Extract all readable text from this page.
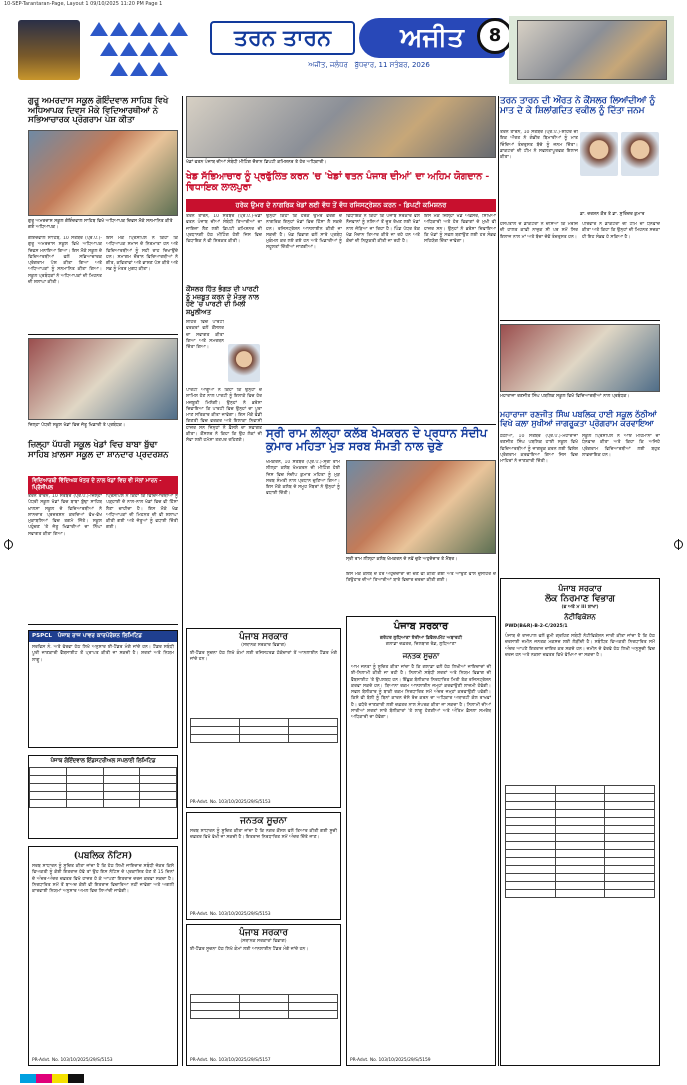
10-SEP-Tarantaran-Page, Layout 1 09/10/2025 11:20 PM Page 1
ਤਰਨ ਤਾਰਨ	ਅਜੀਤ	8
ਅਜੀਤ, ਜਲੰਧਰ ਬੁੱਧਵਾਰ, 11 ਸਤੰਬਰ, 2026
ਗੁਰੂ ਅਮਰਦਾਸ ਸਕੂਲ ਗੋਇੰਦਵਾਲ ਸਾਹਿਬ ਵਿਖੇ ਅਧਿਆਪਕ ਦਿਵਸ ਮੌਕੇ ਵਿਦਿਆਰਥੀਆਂ ਨੇ ਸਭਿਆਚਾਰਕ ਪ੍ਰੋਗਰਾਮ ਪੇਸ਼ ਕੀਤਾ
ਗੁਰੂ ਅਮਰਦਾਸ ਸਕੂਲ ਗੋਇੰਦਵਾਲ ਸਾਹਿਬ ਵਿਖੇ ਅਧਿਆਪਕ ਦਿਵਸ ਮੌਕੇ ਸਨਮਾਨਿਤ ਕੀਤੇ ਗਏ ਅਧਿਆਪਕ।
ਗੋਇੰਦਵਾਲ ਸਾਹਿਬ, 10 ਸਤੰਬਰ (ਪ੍ਰ.ਪ.)-ਗੁਰੂ ਅਮਰਦਾਸ ਸਕੂਲ ਵਿਖੇ ਅਧਿਆਪਕ ਦਿਵਸ ਮਨਾਇਆ ਗਿਆ। ਇਸ ਮੌਕੇ ਸਕੂਲ ਦੇ ਵਿਦਿਆਰਥੀਆਂ ਵਲੋਂ ਸਭਿਆਚਾਰਕ ਪ੍ਰੋਗਰਾਮ ਪੇਸ਼ ਕੀਤਾ ਗਿਆ ਅਤੇ ਅਧਿਆਪਕਾਂ ਨੂੰ ਸਨਮਾਨਿਤ ਕੀਤਾ ਗਿਆ। ਸਕੂਲ ਪ੍ਰਬੰਧਕਾਂ ਨੇ ਅਧਿਆਪਕਾਂ ਦੀ ਮਿਹਨਤ ਦੀ ਸ਼ਲਾਘਾ ਕੀਤੀ।
ਇਸ ਮੌਕੇ ਪ੍ਰਿੰਸੀਪਲ ਨੇ ਕਿਹਾ ਕਿ ਅਧਿਆਪਕ ਸਮਾਜ ਦੇ ਨਿਰਮਾਤਾ ਹਨ ਅਤੇ ਵਿਦਿਆਰਥੀਆਂ ਨੂੰ ਸਹੀ ਰਾਹ ਦਿਖਾਉਂਦੇ ਹਨ। ਸਮਾਗਮ ਦੌਰਾਨ ਵਿਦਿਆਰਥੀਆਂ ਨੇ ਗੀਤ, ਕਵਿਤਾਵਾਂ ਅਤੇ ਭਾਸ਼ਣ ਪੇਸ਼ ਕੀਤੇ ਅਤੇ ਸਭ ਨੂੰ ਮੰਤਰ ਮੁਗਧ ਕੀਤਾ।
ਜ਼ਿਲ੍ਹਾ ਪੱਧਰੀ ਸਕੂਲ ਖੇਡਾਂ ਵਿਚ ਜੇਤੂ ਖਿਡਾਰੀ ਤੇ ਪ੍ਰਬੰਧਕ।
ਜ਼ਿਲ੍ਹਾ ਪੱਧਰੀ ਸਕੂਲ ਖੇਡਾਂ ਵਿਚ ਬਾਬਾ ਬੁੱਢਾ ਸਾਹਿਬ ਖ਼ਾਲਸਾ ਸਕੂਲ ਦਾ ਸ਼ਾਨਦਾਰ ਪ੍ਰਦਰਸ਼ਨ
ਵਿਦਿਆਰਥੀ ਵਿੱਦਿਅਕ ਖੇਤਰ ਦੇ ਨਾਲ ਖੇਡਾਂ ਵਿਚ ਵੀ ਮੱਲਾਂ ਮਾਰਨ - ਪ੍ਰਿੰਸੀਪਲ
ਤਰਨ ਤਾਰਨ, 10 ਸਤੰਬਰ (ਪ੍ਰ.ਪ.)-ਜ਼ਿਲ੍ਹਾ ਪੱਧਰੀ ਸਕੂਲ ਖੇਡਾਂ ਵਿਚ ਬਾਬਾ ਬੁੱਢਾ ਸਾਹਿਬ ਖ਼ਾਲਸਾ ਸਕੂਲ ਦੇ ਵਿਦਿਆਰਥੀਆਂ ਨੇ ਸ਼ਾਨਦਾਰ ਪ੍ਰਦਰਸ਼ਨ ਕਰਦਿਆਂ ਵੱਖ-ਵੱਖ ਮੁਕਾਬਲਿਆਂ ਵਿਚ ਤਗਮੇ ਜਿੱਤੇ। ਸਕੂਲ ਪਹੁੰਚਣ 'ਤੇ ਜੇਤੂ ਖਿਡਾਰੀਆਂ ਦਾ ਨਿੱਘਾ ਸਵਾਗਤ ਕੀਤਾ ਗਿਆ।
ਪ੍ਰਿੰਸੀਪਲ ਨੇ ਕਿਹਾ ਕਿ ਵਿਦਿਆਰਥੀਆਂ ਨੂੰ ਪੜ੍ਹਾਈ ਦੇ ਨਾਲ-ਨਾਲ ਖੇਡਾਂ ਵਿਚ ਵੀ ਹਿੱਸਾ ਲੈਣਾ ਚਾਹੀਦਾ ਹੈ। ਇਸ ਮੌਕੇ ਖੇਡ ਅਧਿਆਪਕਾਂ ਦੀ ਮਿਹਨਤ ਦੀ ਵੀ ਸ਼ਲਾਘਾ ਕੀਤੀ ਗਈ ਅਤੇ ਜੇਤੂਆਂ ਨੂੰ ਵਧਾਈ ਦਿੱਤੀ ਗਈ।
PSPCL ਪੰਜਾਬ ਰਾਜ ਪਾਵਰ ਕਾਰਪੋਰੇਸ਼ਨ ਲਿਮਿਟਿਡ
ਸਰਵਿਸ ਨੰ. ਅਤੇ ਵੇਰਵਾ ਹੇਠ ਲਿਖੇ ਅਨੁਸਾਰ ਈ-ਟੈਂਡਰ ਮੰਗੇ ਜਾਂਦੇ ਹਨ। ਟੈਂਡਰ ਸਬੰਧੀ ਪੂਰੀ ਜਾਣਕਾਰੀ ਵੈੱਬਸਾਈਟ ਤੋਂ ਪ੍ਰਾਪਤ ਕੀਤੀ ਜਾ ਸਕਦੀ ਹੈ। ਸ਼ਰਤਾਂ ਅਤੇ ਨਿਯਮ ਲਾਗੂ।
ਪੰਜਾਬ ਗੋਇੰਦਵਾਲ ਇੰਡਸਟਰੀਅਲ ਸਪਲਾਈ ਲਿਮਿਟਿਡ

(ਪਬਲਿਕ ਨੋਟਿਸ)
ਸਰਬ ਸਾਧਾਰਨ ਨੂੰ ਸੂਚਿਤ ਕੀਤਾ ਜਾਂਦਾ ਹੈ ਕਿ ਹੇਠ ਲਿਖੀ ਜਾਇਦਾਦ ਸਬੰਧੀ ਜੇਕਰ ਕਿਸੇ ਵਿਅਕਤੀ ਨੂੰ ਕੋਈ ਇਤਰਾਜ਼ ਹੋਵੇ ਤਾਂ ਉਹ ਇਸ ਨੋਟਿਸ ਦੇ ਪ੍ਰਕਾਸ਼ਿਤ ਹੋਣ ਤੋਂ 15 ਦਿਨਾਂ ਦੇ ਅੰਦਰ-ਅੰਦਰ ਦਫ਼ਤਰ ਵਿਖੇ ਹਾਜ਼ਰ ਹੋ ਕੇ ਆਪਣਾ ਇਤਰਾਜ਼ ਦਰਜ ਕਰਵਾ ਸਕਦਾ ਹੈ। ਨਿਰਧਾਰਿਤ ਸਮੇਂ ਤੋਂ ਬਾਅਦ ਕੋਈ ਵੀ ਇਤਰਾਜ਼ ਵਿਚਾਰਿਆ ਨਹੀਂ ਜਾਵੇਗਾ ਅਤੇ ਅਗਲੀ ਕਾਰਵਾਈ ਨਿਯਮਾਂ ਅਨੁਸਾਰ ਅਮਲ ਵਿਚ ਲਿਆਂਦੀ ਜਾਵੇਗੀ।
PR-Advt. No. 103/10/2025/29/S/5153
ਖੇਡਾਂ ਵਤਨ ਪੰਜਾਬ ਦੀਆਂ ਸੰਬੰਧੀ ਮੀਟਿੰਗ ਦੌਰਾਨ ਡਿਪਟੀ ਕਮਿਸ਼ਨਰ ਤੇ ਹੋਰ ਅਧਿਕਾਰੀ।
ਖੇਡ ਸੱਭਿਆਚਾਰ ਨੂੰ ਪ੍ਰਫੁੱਲਿਤ ਕਰਨ 'ਚ 'ਖੇਡਾਂ ਵਤਨ ਪੰਜਾਬ ਦੀਆਂ' ਦਾ ਅਹਿਮ ਯੋਗਦਾਨ - ਵਿਧਾਇਕ ਲਾਲਪੁਰਾ
ਹਰੇਕ ਉਮਰ ਦੇ ਨਾਗਰਿਕ ਖੇਡਾਂ ਲਈ ਵੱਧ ਤੋਂ ਵੱਧ ਰਜਿਸਟ੍ਰੇਸ਼ਨ ਕਰਨ - ਡਿਪਟੀ ਕਮਿਸ਼ਨਰ
ਤਰਨ ਤਾਰਨ, 10 ਸਤੰਬਰ (ਪ੍ਰ.ਪ.)-ਖੇਡਾਂ ਵਤਨ ਪੰਜਾਬ ਦੀਆਂ ਸੰਬੰਧੀ ਤਿਆਰੀਆਂ ਦਾ ਜਾਇਜ਼ਾ ਲੈਣ ਲਈ ਡਿਪਟੀ ਕਮਿਸ਼ਨਰ ਦੀ ਪ੍ਰਧਾਨਗੀ ਹੇਠ ਮੀਟਿੰਗ ਹੋਈ ਜਿਸ ਵਿਚ ਵਿਧਾਇਕ ਨੇ ਵੀ ਸ਼ਿਰਕਤ ਕੀਤੀ।
ਕੌਂਸਲਰ ਹਿੱਤ ਭੰਗੜ ਦੀ ਪਾਰਟੀ ਨੂੰ ਮਜ਼ਬੂਤ ਕਰਨ ਦੇ ਮੰਤਵ ਨਾਲ ਹੋਏ 'ਚ ਪਾਰਟੀ ਦੀ ਮਿਲੀ ਸ਼ਮੂਲੀਅਤ
ਸ਼ਹਿਰ ਵਿਚ ਪਾਰਟੀ ਵਰਕਰਾਂ ਵਲੋਂ ਕੌਂਸਲਰ ਦਾ ਸਵਾਗਤ ਕੀਤਾ ਗਿਆ ਅਤੇ ਸਮਰਥਨ ਦਿੱਤਾ ਗਿਆ।
ਉਨ੍ਹਾਂ ਕਿਹਾ ਕਿ ਹਰੇਕ ਉਮਰ ਵਰਗ ਦੇ ਨਾਗਰਿਕ ਇਨ੍ਹਾਂ ਖੇਡਾਂ ਵਿਚ ਹਿੱਸਾ ਲੈ ਸਕਦੇ ਹਨ। ਰਜਿਸਟ੍ਰੇਸ਼ਨ ਆਨਲਾਈਨ ਕੀਤੀ ਜਾ ਸਕਦੀ ਹੈ। ਖੇਡ ਵਿਭਾਗ ਵਲੋਂ ਸਾਰੇ ਪ੍ਰਬੰਧ ਮੁਕੰਮਲ ਕਰ ਲਏ ਗਏ ਹਨ ਅਤੇ ਖਿਡਾਰੀਆਂ ਨੂੰ ਸਹੂਲਤਾਂ ਦਿੱਤੀਆਂ ਜਾਣਗੀਆਂ।
ਵਿਧਾਇਕ ਨੇ ਕਿਹਾ ਕਿ ਪੰਜਾਬ ਸਰਕਾਰ ਵਲੋਂ ਨੌਜਵਾਨਾਂ ਨੂੰ ਨਸ਼ਿਆਂ ਤੋਂ ਦੂਰ ਰੱਖਣ ਲਈ ਖੇਡਾਂ ਨਾਲ ਜੋੜਿਆ ਜਾ ਰਿਹਾ ਹੈ। ਪਿੰਡ ਪੱਧਰ ਤੱਕ ਖੇਡ ਮੈਦਾਨ ਤਿਆਰ ਕੀਤੇ ਜਾ ਰਹੇ ਹਨ ਅਤੇ ਕੋਚਾਂ ਦੀ ਨਿਯੁਕਤੀ ਕੀਤੀ ਜਾ ਰਹੀ ਹੈ।
ਇਸ ਮੌਕੇ ਜ਼ਿਲ੍ਹਾ ਖੇਡ ਅਫ਼ਸਰ, ਸਿੱਖਿਆ ਅਧਿਕਾਰੀ ਅਤੇ ਹੋਰ ਵਿਭਾਗਾਂ ਦੇ ਮੁਖੀ ਵੀ ਹਾਜ਼ਰ ਸਨ। ਉਨ੍ਹਾਂ ਨੇ ਭਰੋਸਾ ਦਿਵਾਇਆ ਕਿ ਖੇਡਾਂ ਨੂੰ ਸਫਲ ਬਣਾਉਣ ਲਈ ਹਰ ਸੰਭਵ ਸਹਿਯੋਗ ਦਿੱਤਾ ਜਾਵੇਗਾ।
ਸ੍ਰੀ ਰਾਮ ਲੀਲ੍ਹਾ ਕਲੱਬ ਖੇਮਕਰਨ ਦੇ ਪ੍ਰਧਾਨ ਸੰਦੀਪ ਕੁਮਾਰ ਮਹਿਤਾ ਮੁੜ ਸਰਬ ਸੰਮਤੀ ਨਾਲ ਚੁਣੇ
ਖੇਮਕਰਨ, 10 ਸਤੰਬਰ (ਪ੍ਰ.ਪ.)-ਸ੍ਰੀ ਰਾਮ ਲੀਲ੍ਹਾ ਕਲੱਬ ਖੇਮਕਰਨ ਦੀ ਮੀਟਿੰਗ ਹੋਈ ਜਿਸ ਵਿਚ ਸੰਦੀਪ ਕੁਮਾਰ ਮਹਿਤਾ ਨੂੰ ਮੁੜ ਸਰਬ ਸੰਮਤੀ ਨਾਲ ਪ੍ਰਧਾਨ ਚੁਣਿਆ ਗਿਆ। ਇਸ ਮੌਕੇ ਕਲੱਬ ਦੇ ਸਮੂਹ ਮੈਂਬਰਾਂ ਨੇ ਉਨ੍ਹਾਂ ਨੂੰ ਵਧਾਈ ਦਿੱਤੀ।
ਪਾਰਟੀ ਆਗੂਆਂ ਨੇ ਕਿਹਾ ਕਿ ਉਨ੍ਹਾਂ ਦੇ ਸ਼ਾਮਿਲ ਹੋਣ ਨਾਲ ਪਾਰਟੀ ਨੂੰ ਇਲਾਕੇ ਵਿਚ ਹੋਰ ਮਜ਼ਬੂਤੀ ਮਿਲੇਗੀ। ਉਨ੍ਹਾਂ ਨੇ ਭਰੋਸਾ ਦਿਵਾਇਆ ਕਿ ਪਾਰਟੀ ਵਿਚ ਉਨ੍ਹਾਂ ਦਾ ਪੂਰਾ ਮਾਣ ਸਤਿਕਾਰ ਕੀਤਾ ਜਾਵੇਗਾ। ਇਸ ਮੌਕੇ ਵੱਡੀ ਗਿਣਤੀ ਵਿਚ ਵਰਕਰ ਅਤੇ ਇਲਾਕਾ ਨਿਵਾਸੀ ਹਾਜ਼ਰ ਸਨ ਜਿਨ੍ਹਾਂ ਨੇ ਫ਼ੈਸਲੇ ਦਾ ਸਵਾਗਤ ਕੀਤਾ। ਕੌਂਸਲਰ ਨੇ ਕਿਹਾ ਕਿ ਉਹ ਲੋਕਾਂ ਦੀ ਸੇਵਾ ਲਈ ਹਮੇਸ਼ਾ ਤਤਪਰ ਰਹਿਣਗੇ।
ਸ੍ਰੀ ਰਾਮ ਲੀਲ੍ਹਾ ਕਲੱਬ ਖੇਮਕਰਨ ਦੇ ਨਵੇਂ ਚੁਣੇ ਅਹੁਦੇਦਾਰ ਤੇ ਮੈਂਬਰ।
ਇਸ ਮੌਕੇ ਕਲੱਬ ਦੇ ਹੋਰ ਅਹੁਦੇਦਾਰਾਂ ਦੀ ਚੋਣ ਵੀ ਕੀਤੀ ਗਈ ਅਤੇ ਆਉਣ ਵਾਲੇ ਦੁਸਹਿਰੇ ਦੇ ਤਿਉਹਾਰ ਦੀਆਂ ਤਿਆਰੀਆਂ ਬਾਰੇ ਵਿਚਾਰ ਚਰਚਾ ਕੀਤੀ ਗਈ।
ਪੰਜਾਬ ਸਰਕਾਰ
(ਸਥਾਨਕ ਸਰਕਾਰ ਵਿਭਾਗ)
ਈ-ਟੈਂਡਰ ਸੂਚਨਾ ਹੇਠ ਲਿਖੇ ਕੰਮਾਂ ਲਈ ਰਜਿਸਟਰਡ ਠੇਕੇਦਾਰਾਂ ਤੋਂ ਆਨਲਾਈਨ ਟੈਂਡਰ ਮੰਗੇ ਜਾਂਦੇ ਹਨ।

PR-Advt. No. 103/10/2025/29/S/5153
ਜਨਤਕ ਸੂਚਨਾ
ਸਰਬ ਸਾਧਾਰਨ ਨੂੰ ਸੂਚਿਤ ਕੀਤਾ ਜਾਂਦਾ ਹੈ ਕਿ ਨਗਰ ਕੌਂਸਲ ਵਲੋਂ ਤਿਆਰ ਕੀਤੀ ਗਈ ਸੂਚੀ ਦਫ਼ਤਰ ਵਿਖੇ ਵੇਖੀ ਜਾ ਸਕਦੀ ਹੈ। ਇਤਰਾਜ਼ ਨਿਰਧਾਰਿਤ ਸਮੇਂ ਅੰਦਰ ਦਿੱਤੇ ਜਾਣ।
PR-Advt. No. 103/10/2025/29/S/5153
ਪੰਜਾਬ ਸਰਕਾਰ
(ਸਥਾਨਕ ਸਰਕਾਰਾਂ ਵਿਭਾਗ)
ਈ-ਟੈਂਡਰ ਸੂਚਨਾ ਹੇਠ ਲਿਖੇ ਕੰਮਾਂ ਲਈ ਆਨਲਾਈਨ ਟੈਂਡਰ ਮੰਗੇ ਜਾਂਦੇ ਹਨ।

PR-Advt. No. 103/10/2025/29/S/5157
ਪੰਜਾਬ ਸਰਕਾਰ
ਗਰੇਟਰ ਲੁਧਿਆਣਾ ਏਰੀਆ ਡਿਵੈਲਪਮੈਂਟ ਅਥਾਰਟੀ
ਗਲਾਡਾ ਦਫ਼ਤਰ, ਦਿਲਬਾਗ ਰੋਡ, ਲੁਧਿਆਣਾ
ਜਨਤਕ ਸੂਚਨਾ
ਆਮ ਜਨਤਾ ਨੂੰ ਸੂਚਿਤ ਕੀਤਾ ਜਾਂਦਾ ਹੈ ਕਿ ਗਲਾਡਾ ਵਲੋਂ ਹੇਠ ਲਿਖੀਆਂ ਜਾਇਦਾਦਾਂ ਦੀ ਈ-ਨਿਲਾਮੀ ਕੀਤੀ ਜਾ ਰਹੀ ਹੈ। ਨਿਲਾਮੀ ਸਬੰਧੀ ਸ਼ਰਤਾਂ ਅਤੇ ਨਿਯਮ ਵਿਭਾਗ ਦੀ ਵੈੱਬਸਾਈਟ 'ਤੇ ਉਪਲਬਧ ਹਨ। ਇੱਛੁਕ ਬੋਲੀਕਾਰ ਨਿਰਧਾਰਿਤ ਮਿਤੀ ਤੱਕ ਰਜਿਸਟ੍ਰੇਸ਼ਨ ਕਰਵਾ ਸਕਦੇ ਹਨ। ਬਿਆਨਾ ਰਕਮ ਆਨਲਾਈਨ ਜਮ੍ਹਾਂ ਕਰਵਾਉਣੀ ਲਾਜ਼ਮੀ ਹੋਵੇਗੀ। ਸਫਲ ਬੋਲੀਕਾਰ ਨੂੰ ਬਾਕੀ ਰਕਮ ਨਿਰਧਾਰਿਤ ਸਮੇਂ ਅੰਦਰ ਜਮ੍ਹਾਂ ਕਰਵਾਉਣੀ ਪਵੇਗੀ। ਕਿਸੇ ਵੀ ਬੋਲੀ ਨੂੰ ਬਿਨਾਂ ਕਾਰਨ ਦੱਸੇ ਰੱਦ ਕਰਨ ਦਾ ਅਧਿਕਾਰ ਅਥਾਰਟੀ ਕੋਲ ਰਾਖਵਾਂ ਹੈ। ਵਧੇਰੇ ਜਾਣਕਾਰੀ ਲਈ ਦਫ਼ਤਰ ਨਾਲ ਸੰਪਰਕ ਕੀਤਾ ਜਾ ਸਕਦਾ ਹੈ। ਨਿਲਾਮੀ ਦੀਆਂ ਸਾਰੀਆਂ ਸ਼ਰਤਾਂ ਸਾਰੇ ਬੋਲੀਕਾਰਾਂ 'ਤੇ ਲਾਗੂ ਹੋਣਗੀਆਂ ਅਤੇ ਅੰਤਿਮ ਫ਼ੈਸਲਾ ਸਮਰੱਥ ਅਧਿਕਾਰੀ ਦਾ ਹੋਵੇਗਾ।
PR-Advt. No. 103/10/2025/29/S/5159
ਤਰਨ ਤਾਰਨ ਦੀ ਔਰਤ ਨੇ ਕੌਂਸਲਰ ਲਿਆਂਦੀਆਂ ਨੂੰ ਮਾਤ ਦੇ ਕੇ ਸ਼ਿਲਾਂਗਦਿਤ ਵਕੀਲ ਨੂੰ ਦਿੱਤਾ ਜਨਮ
ਤਰਨ ਤਾਰਨ, 10 ਸਤੰਬਰ (ਪ੍ਰ.ਪ.)-ਸ਼ਹਿਰ ਦੀ ਇਕ ਔਰਤ ਨੇ ਗੰਭੀਰ ਬਿਮਾਰੀਆਂ ਨੂੰ ਮਾਤ ਦਿੰਦਿਆਂ ਤੰਦਰੁਸਤ ਬੱਚੇ ਨੂੰ ਜਨਮ ਦਿੱਤਾ। ਡਾਕਟਰਾਂ ਦੀ ਟੀਮ ਨੇ ਸਫਲਤਾਪੂਰਵਕ ਇਲਾਜ ਕੀਤਾ।
ਡਾ. ਦਰਸ਼ਨ ਕੌਰ ਤੇ ਡਾ. ਸੁਰਿੰਦਰ ਕੁਮਾਰ
ਹਸਪਤਾਲ ਦੇ ਡਾਕਟਰਾਂ ਨੇ ਦੱਸਿਆ ਕਿ ਮਰੀਜ਼ ਦੀ ਹਾਲਤ ਕਾਫ਼ੀ ਨਾਜ਼ੁਕ ਸੀ ਪਰ ਸਮੇਂ ਸਿਰ ਇਲਾਜ ਨਾਲ ਮਾਂ ਅਤੇ ਬੱਚਾ ਦੋਵੇਂ ਤੰਦਰੁਸਤ ਹਨ।
ਪਰਿਵਾਰ ਨੇ ਡਾਕਟਰਾਂ ਦੀ ਟੀਮ ਦਾ ਧੰਨਵਾਦ ਕੀਤਾ ਅਤੇ ਕਿਹਾ ਕਿ ਉਨ੍ਹਾਂ ਦੀ ਮਿਹਨਤ ਸਦਕਾ ਹੀ ਇਹ ਸੰਭਵ ਹੋ ਸਕਿਆ ਹੈ।
ਮਹਾਰਾਜਾ ਰਣਜੀਤ ਸਿੰਘ ਪਬਲਿਕ ਸਕੂਲ ਵਿਖੇ ਵਿਦਿਆਰਥੀਆਂ ਨਾਲ ਪ੍ਰਬੰਧਕ।
ਮਹਾਰਾਜਾ ਰਣਜੀਤ ਸਿੰਘ ਪਬਲਿਕ ਹਾਈ ਸਕੂਲ ਠੱਠੀਆਂ ਵਿਖੇ ਕਲਾ ਸੁਖੀਆਂ ਜਾਗਰੂਕਤਾ ਪ੍ਰੋਗਰਾਮ ਕਰਵਾਇਆ
ਠੱਠੀਆਂ, 10 ਸਤੰਬਰ (ਪ੍ਰ.ਪ.)-ਮਹਾਰਾਜਾ ਰਣਜੀਤ ਸਿੰਘ ਪਬਲਿਕ ਹਾਈ ਸਕੂਲ ਵਿਖੇ ਵਿਦਿਆਰਥੀਆਂ ਨੂੰ ਜਾਗਰੂਕ ਕਰਨ ਲਈ ਵਿਸ਼ੇਸ਼ ਪ੍ਰੋਗਰਾਮ ਕਰਵਾਇਆ ਗਿਆ ਜਿਸ ਵਿਚ ਮਾਹਿਰਾਂ ਨੇ ਜਾਣਕਾਰੀ ਦਿੱਤੀ।
ਸਕੂਲ ਪ੍ਰਿੰਸੀਪਲ ਨੇ ਆਏ ਮਹਿਮਾਨਾਂ ਦਾ ਧੰਨਵਾਦ ਕੀਤਾ ਅਤੇ ਕਿਹਾ ਕਿ ਅਜਿਹੇ ਪ੍ਰੋਗਰਾਮ ਵਿਦਿਆਰਥੀਆਂ ਲਈ ਬਹੁਤ ਲਾਭਦਾਇਕ ਹਨ।
ਪੰਜਾਬ ਸਰਕਾਰ
ਲੋਕ ਨਿਰਮਾਣ ਵਿਭਾਗ
(ਭ ਅਤੇ ਮ III ਸ਼ਾਖਾ)
ਨੋਟੀਫਿਕੇਸ਼ਨ
PWD(B&R)-B-2-C/2025/1
ਪੰਜਾਬ ਦੇ ਰਾਜਪਾਲ ਵਲੋਂ ਭੂਮੀ ਗ੍ਰਹਿਣ ਸਬੰਧੀ ਨੋਟੀਫਿਕੇਸ਼ਨ ਜਾਰੀ ਕੀਤਾ ਜਾਂਦਾ ਹੈ ਕਿ ਹੇਠ ਦਰਸਾਈ ਜ਼ਮੀਨ ਜਨਤਕ ਮਕਸਦ ਲਈ ਲੋੜੀਂਦੀ ਹੈ। ਸਬੰਧਿਤ ਵਿਅਕਤੀ ਨਿਰਧਾਰਿਤ ਸਮੇਂ ਅੰਦਰ ਆਪਣੇ ਇਤਰਾਜ਼ ਦਾਇਰ ਕਰ ਸਕਦੇ ਹਨ। ਜ਼ਮੀਨ ਦੇ ਵੇਰਵੇ ਹੇਠ ਲਿਖੀ ਅਨੁਸੂਚੀ ਵਿਚ ਦਰਜ ਹਨ ਅਤੇ ਨਕਸ਼ਾ ਦਫ਼ਤਰ ਵਿਖੇ ਵੇਖਿਆ ਜਾ ਸਕਦਾ ਹੈ।
